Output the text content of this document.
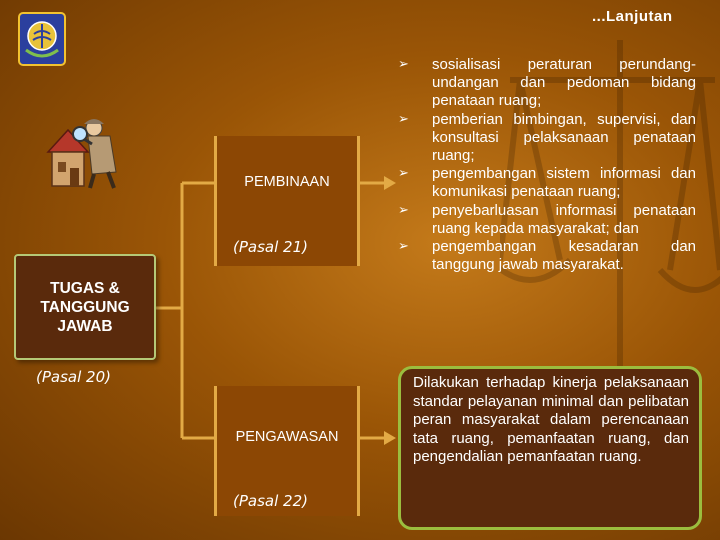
...Lanjutan
TUGAS &
TANGGUNG
JAWAB
(Pasal 20)
PEMBINAAN
(Pasal 21)
PENGAWASAN
(Pasal 22)
➢ sosialisasi peraturan perundang-undangan dan pedoman bidang penataan ruang;
➢ pemberian bimbingan, supervisi, dan konsultasi pelaksanaan penataan ruang;
➢ pengembangan sistem informasi dan komunikasi penataan ruang;
➢ penyebarluasan informasi penataan ruang kepada masyarakat; dan
➢ pengembangan kesadaran dan tanggung jawab masyarakat.
Dilakukan terhadap kinerja pelaksanaan standar pelayanan minimal dan pelibatan peran masyarakat dalam perencanaan tata ruang, pemanfaatan ruang, dan pengendalian pemanfaatan ruang.
